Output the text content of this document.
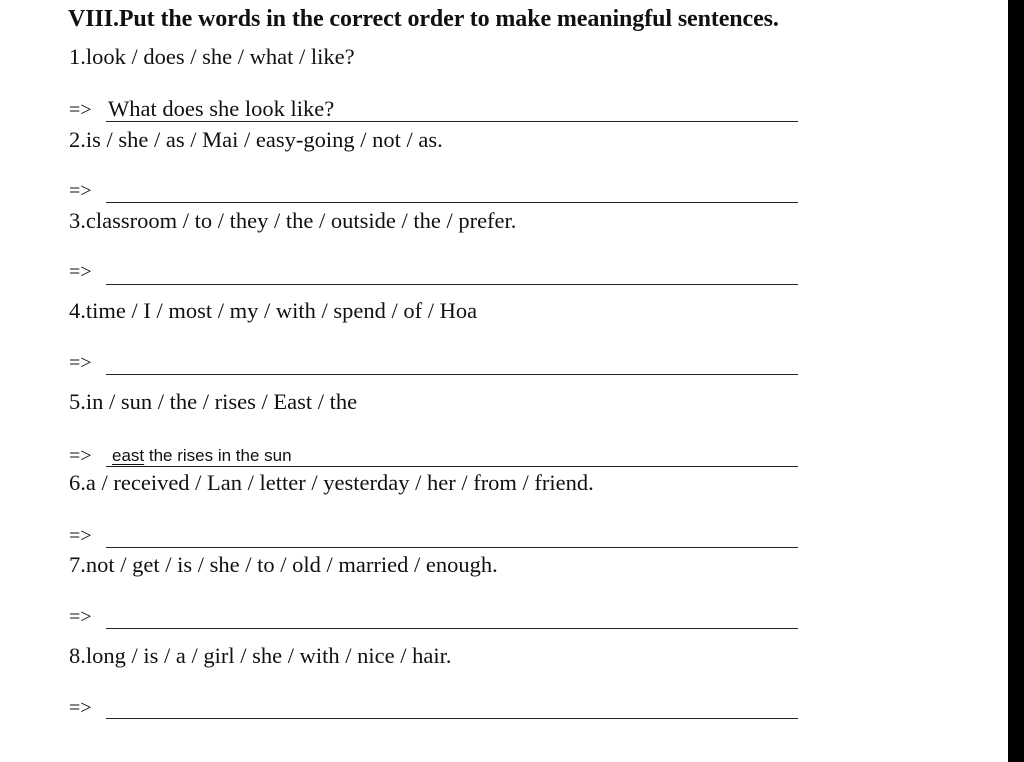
VIII.Put the words in the correct order to make meaningful sentences.
1.look / does / she / what / like?
=> What does she look like?
2.is / she / as / Mai / easy-going / not / as.
=>
3.classroom / to / they / the / outside / the / prefer.
=>
4.time / I / most / my / with / spend / of / Hoa
=>
5.in / sun / the / rises / East / the
=> east the rises in the sun
6.a / received / Lan / letter / yesterday / her / from / friend.
=>
7.not / get / is / she / to / old / married / enough.
=>
8.long / is / a / girl / she / with / nice / hair.
=>
